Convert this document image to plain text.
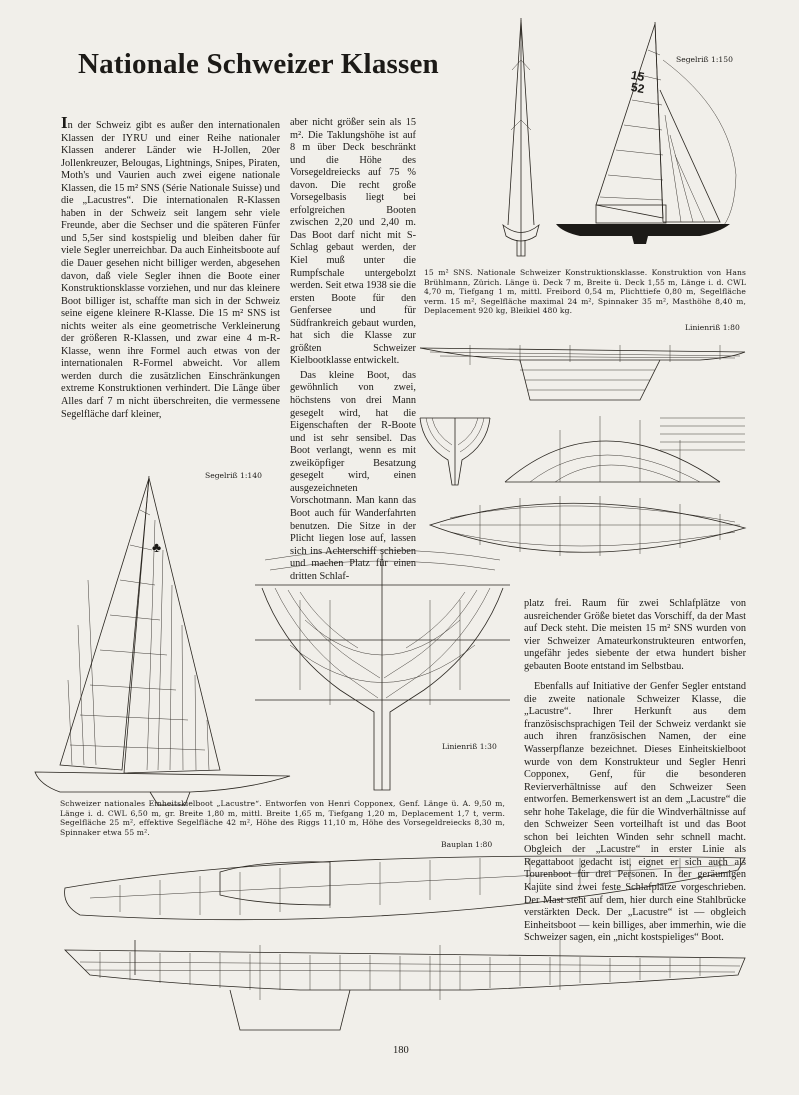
Nationale Schweizer Klassen

In der Schweiz gibt es außer den internationalen Klassen der IYRU und einer Reihe nationaler Klassen anderer Länder wie H-Jollen, 20er Jollenkreuzer, Belougas, Lightnings, Snipes, Piraten, Moth's und Vaurien auch zwei eigene nationale Klassen, die 15 m² SNS (Série Nationale Suisse) und die „Lacustres“. Die internationalen R-Klassen haben in der Schweiz seit langem sehr viele Freunde, aber die Sechser und die späteren Fünfer und 5,5er sind kostspielig und bleiben daher für viele Segler unerreichbar. Da auch Einheitsboote auf die Dauer gesehen nicht billiger werden, abgesehen davon, daß viele Segler ihnen die Boote einer Konstruktionsklasse vorziehen, und nur das kleinere Boot billiger ist, schaffte man sich in der Schweiz seine eigene kleinere R-Klasse. Die 15 m² SNS ist nichts weiter als eine geometrische Verkleinerung der größeren R-Klassen, und zwar eine 4 m-R-Klasse, wenn ihre Formel auch etwas von der internationalen R-Formel abweicht. Vor allem werden durch die zusätzlichen Einschränkungen extreme Konstruktionen verhindert. Die Länge über Alles darf 7 m nicht überschreiten, die vermessene Segelfläche darf kleiner,

aber nicht größer sein als 15 m². Die Taklungshöhe ist auf 8 m über Deck beschränkt und die Höhe des Vorsegeldreiecks auf 75 % davon. Die recht große Vorsegelbasis liegt bei erfolgreichen Booten zwischen 2,20 und 2,40 m. Das Boot darf nicht mit S-Schlag gebaut werden, der Kiel muß unter die Rumpfschale untergebolzt werden. Seit etwa 1938 sie die ersten Boote für den Genfersee und für Südfrankreich gebaut wurden, hat sich die Klasse zur größten Schweizer Kielbootklasse entwickelt.

Das kleine Boot, das gewöhnlich von zwei, höchstens von drei Mann gesegelt wird, hat die Eigenschaften der R-Boote und ist sehr sensibel. Das Boot verlangt, wenn es mit zweiköpfiger Besatzung gesegelt wird, einen ausgezeichneten Vorschotmann. Man kann das Boot auch für Wanderfahrten benutzen. Die Sitze in der Plicht liegen lose auf, lassen sich ins Achterschiff schieben und machen Platz für einen dritten Schlaf-

platz frei. Raum für zwei Schlafplätze von ausreichender Größe bietet das Vorschiff, da der Mast auf Deck steht. Die meisten 15 m² SNS wurden von vier Schweizer Amateurkonstrukteuren entworfen, ungefähr jedes siebente der etwa hundert bisher gebauten Boote entstand im Selbstbau.

Ebenfalls auf Initiative der Genfer Segler entstand die zweite nationale Schweizer Klasse, die „Lacustre“. Ihrer Herkunft aus dem französischsprachigen Teil der Schweiz verdankt sie auch ihren französischen Namen, der eine Wasserpflanze bezeichnet. Dieses Einheitskielboot wurde von dem Konstrukteur und Segler Henri Copponex, Genf, für die besonderen Revierverhältnisse auf den Schweizer Seen entworfen. Bemerkenswert ist an dem „Lacustre“ die sehr hohe Takelage, die für die Windverhältnisse auf den Schweizer Seen vorteilhaft ist und das Boot schon bei leichten Winden sehr schnell macht. Obgleich der „Lacustre“ in erster Linie als Regattaboot gedacht ist, eignet er sich auch als Tourenboot für drei Personen. In der geräumigen Kajüte sind zwei feste Schlafplätze vorgeschrieben. Der Mast steht auf dem, hier durch eine Stahlbrücke verstärkten Deck. Der „Lacustre“ ist — obgleich Einheitsboot — kein billiges, aber immerhin, wie die Schweizer sagen, ein „nicht kostspieliges“ Boot.

Segelriß 1:150
Segelriß 1:140
Linienriß 1:80
Linienriß 1:30
Bauplan 1:80
15 m² SNS. Nationale Schweizer Konstruktionsklasse. Konstruktion von Hans Brühlmann, Zürich. Länge ü. Deck 7 m, Breite ü. Deck 1,55 m, Länge i. d. CWL 4,70 m, Tiefgang 1 m, mittl. Freibord 0,54 m, Plichttiefe 0,80 m, Segelfläche verm. 15 m², Segelfläche maximal 24 m², Spinnaker 35 m², Masthöhe 8,40 m, Deplacement 920 kg, Bleikiel 480 kg.
Schweizer nationales Einheitskielboot „Lacustre“. Entworfen von Henri Copponex, Genf. Länge ü. A. 9,50 m, Länge i. d. CWL 6,50 m, gr. Breite 1,80 m, mittl. Breite 1,65 m, Tiefgang 1,20 m, Deplacement 1,7 t, verm. Segelfläche 25 m², effektive Segelfläche 42 m², Höhe des Riggs 11,10 m, Höhe des Vorsegeldreiecks 8,30 m, Spinnaker etwa 55 m².
180
15
52
♣
